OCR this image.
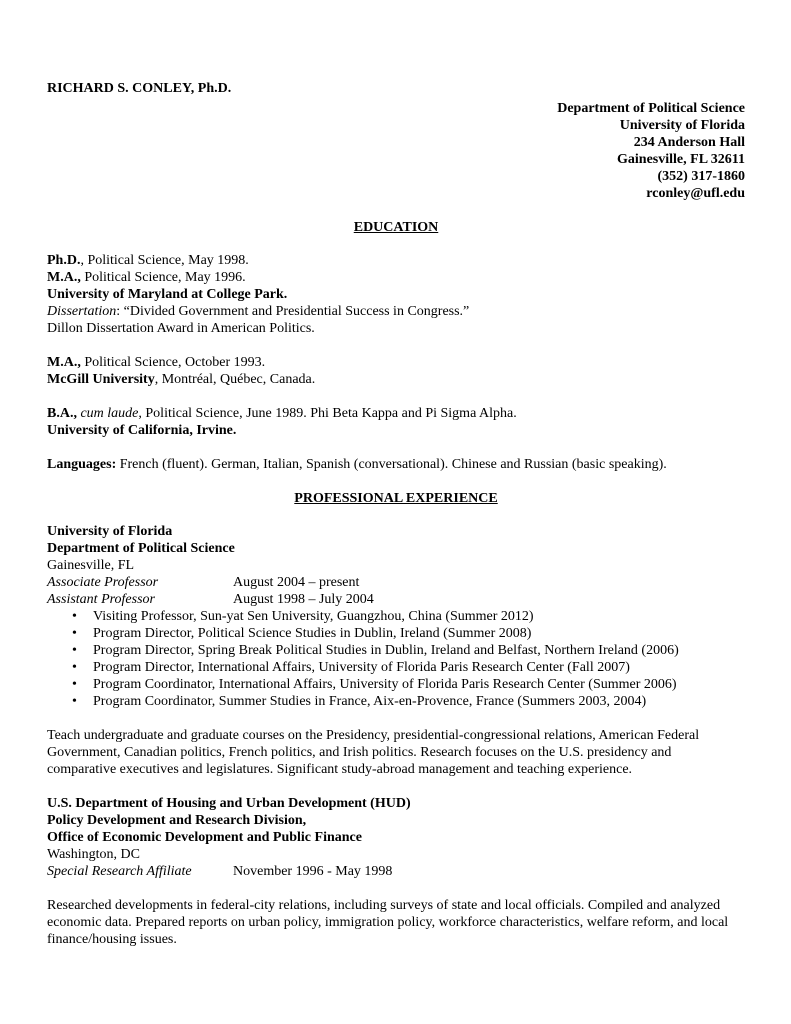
RICHARD S. CONLEY, Ph.D.
Department of Political Science
University of Florida
234 Anderson Hall
Gainesville, FL 32611
(352) 317-1860
rconley@ufl.edu
EDUCATION
Ph.D., Political Science, May 1998.
M.A., Political Science, May 1996.
University of Maryland at College Park.
Dissertation: “Divided Government and Presidential Success in Congress.”
Dillon Dissertation Award in American Politics.
M.A., Political Science, October 1993.
McGill University, Montréal, Québec, Canada.
B.A., cum laude, Political Science, June 1989. Phi Beta Kappa and Pi Sigma Alpha.
University of California, Irvine.
Languages: French (fluent). German, Italian, Spanish (conversational). Chinese and Russian (basic speaking).
PROFESSIONAL EXPERIENCE
University of Florida
Department of Political Science
Gainesville, FL
Associate Professor	August 2004 – present
Assistant Professor	August 1998 – July 2004
• Visiting Professor, Sun-yat Sen University, Guangzhou, China (Summer 2012)
• Program Director, Political Science Studies in Dublin, Ireland (Summer 2008)
• Program Director, Spring Break Political Studies in Dublin, Ireland and Belfast, Northern Ireland (2006)
• Program Director, International Affairs, University of Florida Paris Research Center (Fall 2007)
• Program Coordinator, International Affairs, University of Florida Paris Research Center (Summer 2006)
• Program Coordinator, Summer Studies in France, Aix-en-Provence, France (Summers 2003, 2004)
Teach undergraduate and graduate courses on the Presidency, presidential-congressional relations, American Federal
Government, Canadian politics, French politics, and Irish politics. Research focuses on the U.S. presidency and
comparative executives and legislatures. Significant study-abroad management and teaching experience.
U.S. Department of Housing and Urban Development (HUD)
Policy Development and Research Division,
Office of Economic Development and Public Finance
Washington, DC
Special Research Affiliate	November 1996 - May 1998
Researched developments in federal-city relations, including surveys of state and local officials. Compiled and analyzed
economic data. Prepared reports on urban policy, immigration policy, workforce characteristics, welfare reform, and local
finance/housing issues.
